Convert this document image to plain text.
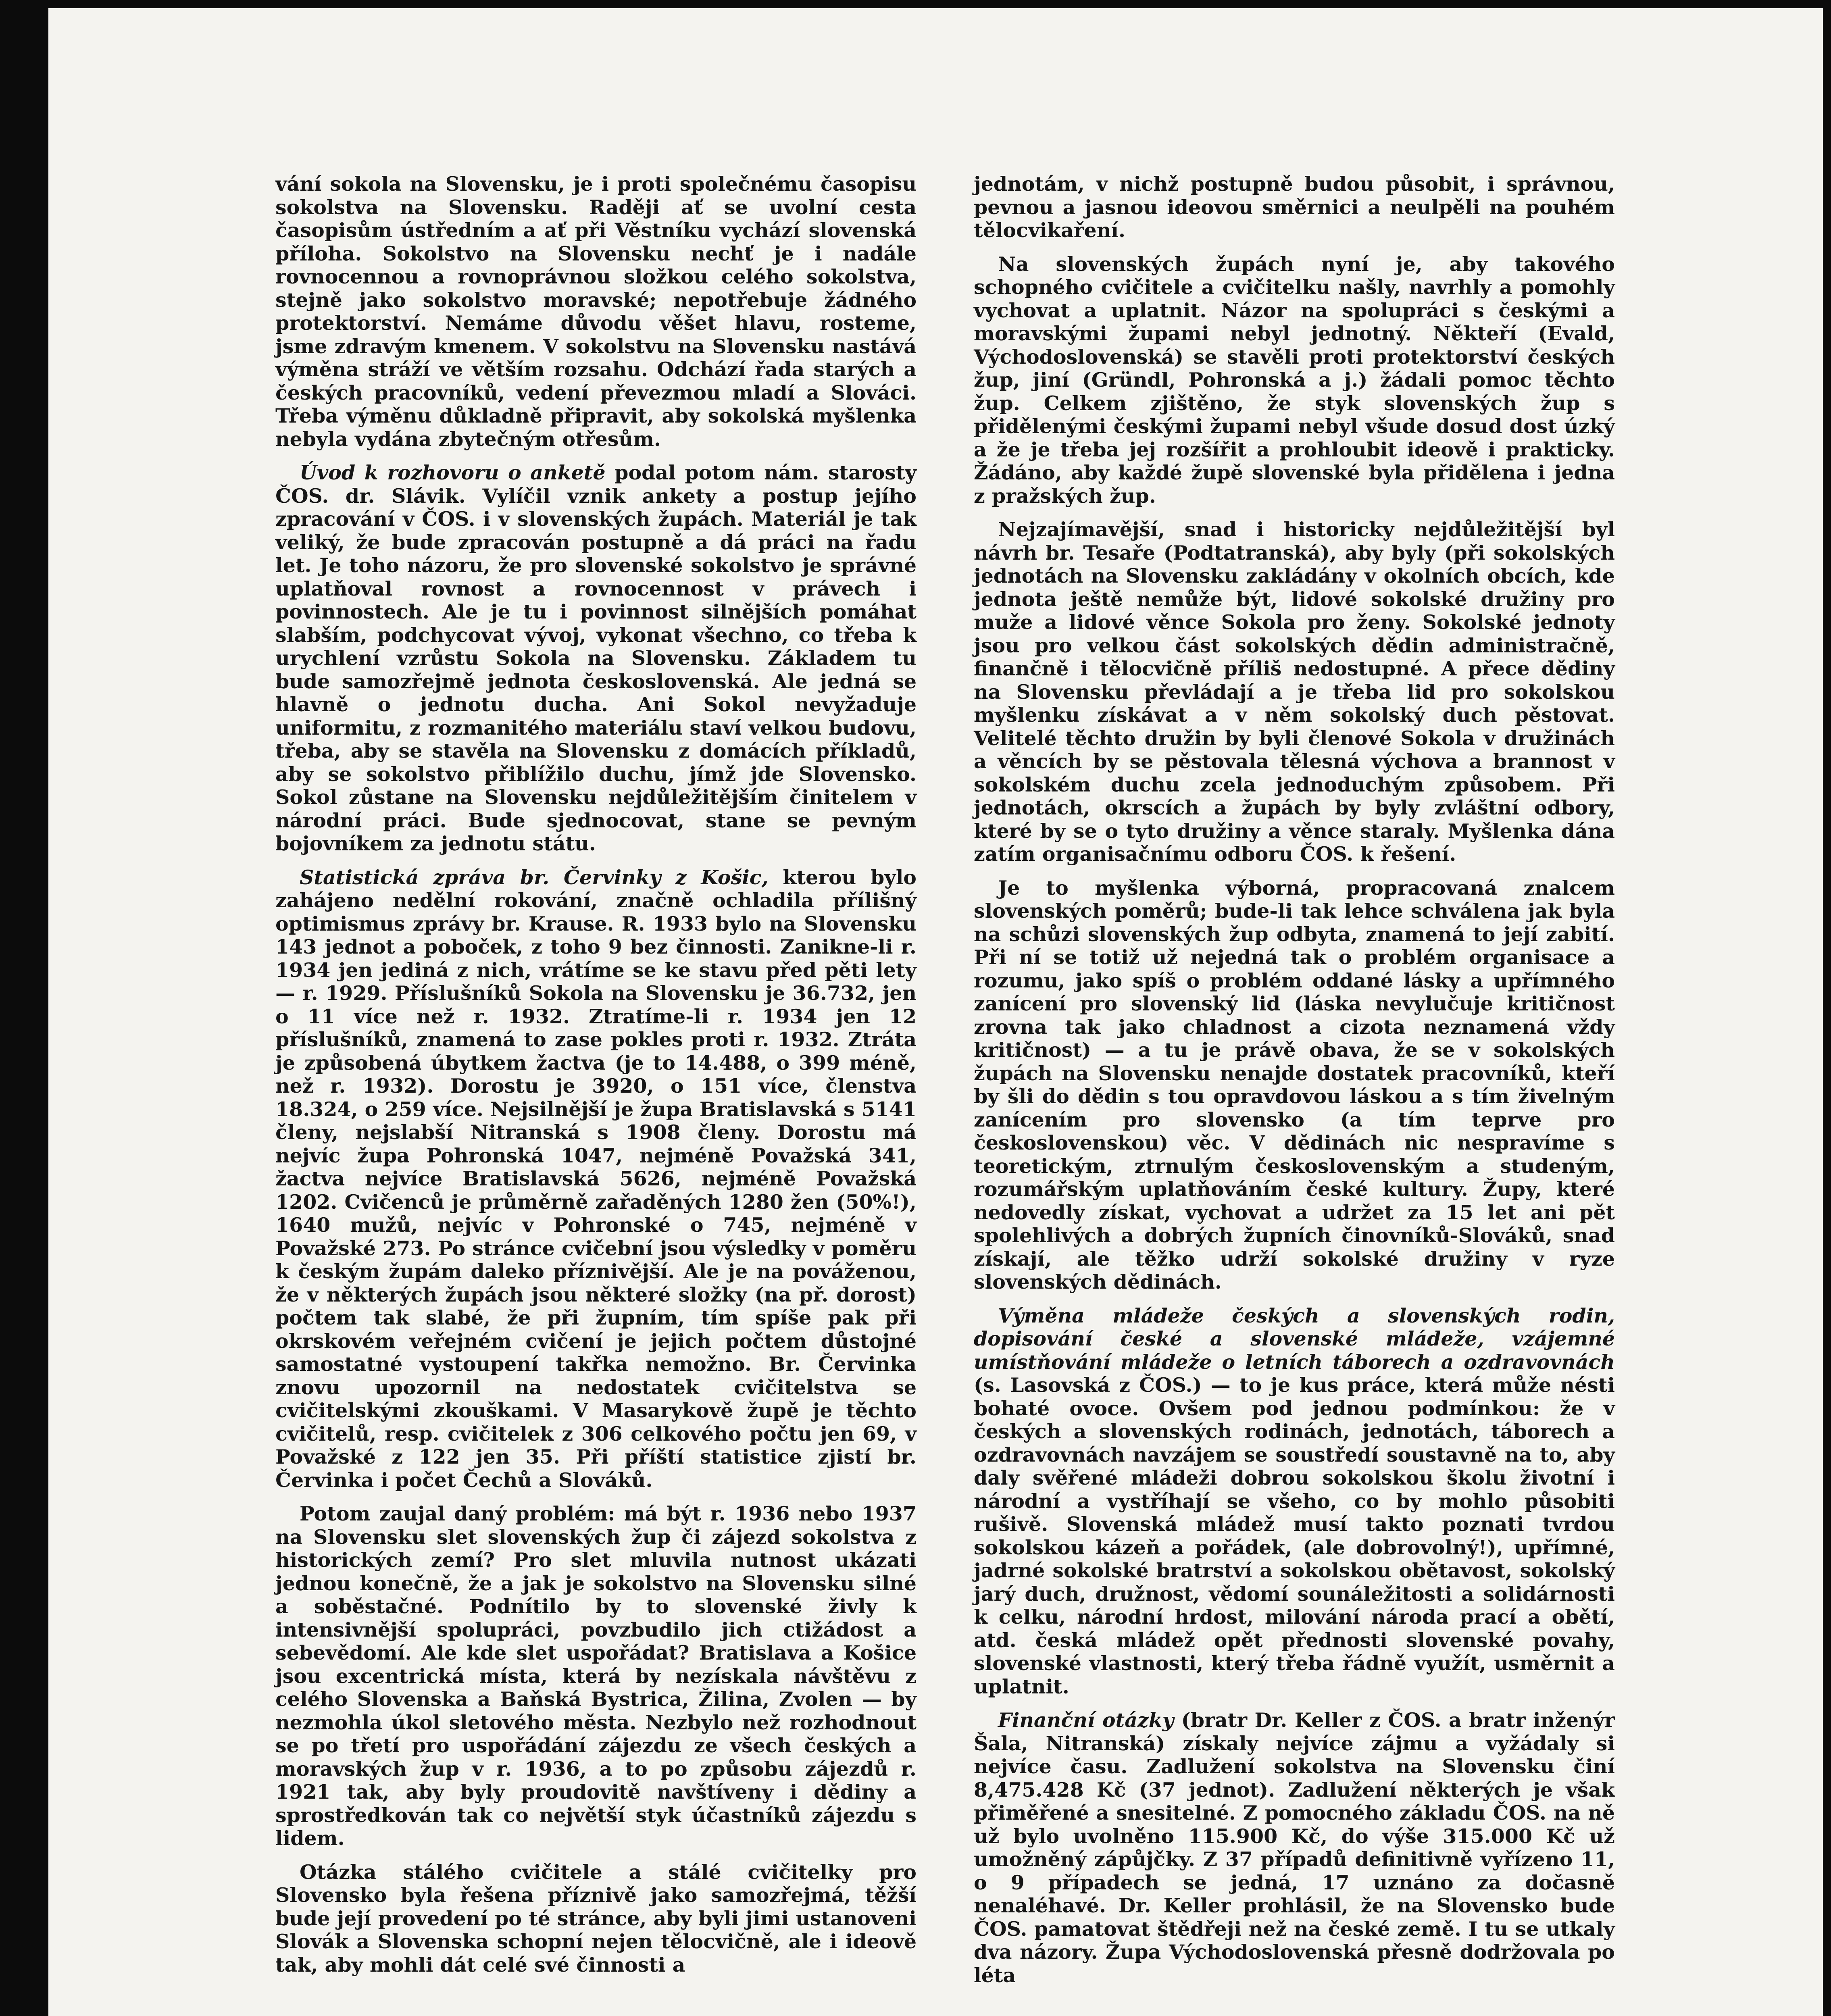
vání sokola na Slovensku, je i proti společnému časopisu sokolstva na Slovensku. Raději ať se uvolní cesta časopisům ústředním a ať při Věstníku vychází slovenská příloha. Sokolstvo na Slovensku nechť je i nadále rovnocennou a rovnoprávnou složkou celého sokolstva, stejně jako sokolstvo moravské; nepotřebuje žádného protektorství. Nemáme důvodu věšet hlavu, rosteme, jsme zdravým kmenem. V sokolstvu na Slovensku nastává výměna stráží ve větším rozsahu. Odchází řada starých a českých pracovníků, vedení převezmou mladí a Slováci. Třeba výměnu důkladně připravit, aby sokolská myšlenka nebyla vydána zbytečným otřesům.

Úvod k rozhovoru o anketě podal potom nám. starosty ČOS. dr. Slávik. Vylíčil vznik ankety a postup jejího zpracování v ČOS. i v slovenských župách. Materiál je tak veliký, že bude zpracován postupně a dá práci na řadu let. Je toho názoru, že pro slovenské sokolstvo je správné uplatňoval rovnost a rovnocennost v právech i povinnostech. Ale je tu i povinnost silnějších pomáhat slabším, podchycovat vývoj, vykonat všechno, co třeba k urychlení vzrůstu Sokola na Slovensku. Základem tu bude samozřejmě jednota československá. Ale jedná se hlavně o jednotu ducha. Ani Sokol nevyžaduje uniformitu, z rozmanitého materiálu staví velkou budovu, třeba, aby se stavěla na Slovensku z domácích příkladů, aby se sokolstvo přiblížilo duchu, jímž jde Slovensko. Sokol zůstane na Slovensku nejdůležitějším činitelem v národní práci. Bude sjednocovat, stane se pevným bojovníkem za jednotu státu.

Statistická zpráva br. Červinky z Košic, kterou bylo zahájeno nedělní rokování, značně ochladila přílišný optimismus zprávy br. Krause. R. 1933 bylo na Slovensku 143 jednot a poboček, z toho 9 bez činnosti. Zanikne-li r. 1934 jen jediná z nich, vrátíme se ke stavu před pěti lety — r. 1929. Příslušníků Sokola na Slovensku je 36.732, jen o 11 více než r. 1932. Ztratíme-li r. 1934 jen 12 příslušníků, znamená to zase pokles proti r. 1932. Ztráta je způsobená úbytkem žactva (je to 14.488, o 399 méně, než r. 1932). Dorostu je 3920, o 151 více, členstva 18.324, o 259 více. Nejsilnější je župa Bratislavská s 5141 členy, nejslabší Nitranská s 1908 členy. Dorostu má nejvíc župa Pohronská 1047, nejméně Považská 341, žactva nejvíce Bratislavská 5626, nejméně Považská 1202. Cvičenců je průměrně zařaděných 1280 žen (50%!), 1640 mužů, nejvíc v Pohronské o 745, nejméně v Považské 273. Po stránce cvičební jsou výsledky v poměru k českým župám daleko příznivější. Ale je na pováženou, že v některých župách jsou některé složky (na př. dorost) počtem tak slabé, že při župním, tím spíše pak při okrskovém veřejném cvičení je jejich počtem důstojné samostatné vystoupení takřka nemožno. Br. Červinka znovu upozornil na nedostatek cvičitelstva se cvičitelskými zkouškami. V Masarykově župě je těchto cvičitelů, resp. cvičitelek z 306 celkového počtu jen 69, v Považské z 122 jen 35. Při příští statistice zjistí br. Červinka i počet Čechů a Slováků.

Potom zaujal daný problém: má být r. 1936 nebo 1937 na Slovensku slet slovenských žup či zájezd sokolstva z historických zemí? Pro slet mluvila nutnost ukázati jednou konečně, že a jak je sokolstvo na Slovensku silné a soběstačné. Podnítilo by to slovenské živly k intensivnější spolupráci, povzbudilo jich ctižádost a sebevědomí. Ale kde slet uspořádat? Bratislava a Košice jsou excentrická místa, která by nezískala návštěvu z celého Slovenska a Baňská Bystrica, Žilina, Zvolen — by nezmohla úkol sletového města. Nezbylo než rozhodnout se po třetí pro uspořádání zájezdu ze všech českých a moravských žup v r. 1936, a to po způsobu zájezdů r. 1921 tak, aby byly proudovitě navštíveny i dědiny a sprostředkován tak co největší styk účastníků zájezdu s lidem.

Otázka stálého cvičitele a stálé cvičitelky pro Slovensko byla řešena příznivě jako samozřejmá, těžší bude její provedení po té stránce, aby byli jimi ustanoveni Slovák a Slovenska schopní nejen tělocvičně, ale i ideově tak, aby mohli dát celé své činnosti a

jednotám, v nichž postupně budou působit, i správnou, pevnou a jasnou ideovou směrnici a neulpěli na pouhém tělocvikaření.

Na slovenských župách nyní je, aby takového schopného cvičitele a cvičitelku našly, navrhly a pomohly vychovat a uplatnit. Názor na spolupráci s českými a moravskými župami nebyl jednotný. Někteří (Evald, Východoslovenská) se stavěli proti protektorství českých žup, jiní (Gründl, Pohronská a j.) žádali pomoc těchto žup. Celkem zjištěno, že styk slovenských žup s přidělenými českými župami nebyl všude dosud dost úzký a že je třeba jej rozšířit a prohloubit ideově i prakticky. Žádáno, aby každé župě slovenské byla přidělena i jedna z pražských žup.

Nejzajímavější, snad i historicky nejdůležitější byl návrh br. Tesaře (Podtatranská), aby byly (při sokolských jednotách na Slovensku zakládány v okolních obcích, kde jednota ještě nemůže být, lidové sokolské družiny pro muže a lidové věnce Sokola pro ženy. Sokolské jednoty jsou pro velkou část sokolských dědin administračně, finančně i tělocvičně příliš nedostupné. A přece dědiny na Slovensku převládají a je třeba lid pro sokolskou myšlenku získávat a v něm sokolský duch pěstovat. Velitelé těchto družin by byli členové Sokola v družinách a věncích by se pěstovala tělesná výchova a brannost v sokolském duchu zcela jednoduchým způsobem. Při jednotách, okrscích a župách by byly zvláštní odbory, které by se o tyto družiny a věnce staraly. Myšlenka dána zatím organisačnímu odboru ČOS. k řešení.

Je to myšlenka výborná, propracovaná znalcem slovenských poměrů; bude-li tak lehce schválena jak byla na schůzi slovenských žup odbyta, znamená to její zabití. Při ní se totiž už nejedná tak o problém organisace a rozumu, jako spíš o problém oddané lásky a upřímného zanícení pro slovenský lid (láska nevylučuje kritičnost zrovna tak jako chladnost a cizota neznamená vždy kritičnost) — a tu je právě obava, že se v sokolských župách na Slovensku nenajde dostatek pracovníků, kteří by šli do dědin s tou opravdovou láskou a s tím živelným zanícením pro slovensko (a tím teprve pro československou) věc. V dědinách nic nespravíme s teoretickým, ztrnulým československým a studeným, rozumářským uplatňováním české kultury. Župy, které nedovedly získat, vychovat a udržet za 15 let ani pět spolehlivých a dobrých župních činovníků-Slováků, snad získají, ale těžko udrží sokolské družiny v ryze slovenských dědinách.

Výměna mládeže českých a slovenských rodin, dopisování české a slovenské mládeže, vzájemné umístňování mládeže o letních táborech a ozdravovnách (s. Lasovská z ČOS.) — to je kus práce, která může nésti bohaté ovoce. Ovšem pod jednou podmínkou: že v českých a slovenských rodinách, jednotách, táborech a ozdravovnách navzájem se soustředí soustavně na to, aby daly svěřené mládeži dobrou sokolskou školu životní i národní a vystříhají se všeho, co by mohlo působiti rušivě. Slovenská mládež musí takto poznati tvrdou sokolskou kázeň a pořádek, (ale dobrovolný!), upřímné, jadrné sokolské bratrství a sokolskou obětavost, sokolský jarý duch, družnost, vědomí sounáležitosti a solidárnosti k celku, národní hrdost, milování národa prací a obětí, atd. česká mládež opět přednosti slovenské povahy, slovenské vlastnosti, který třeba řádně využít, usměrnit a uplatnit.

Finanční otázky (bratr Dr. Keller z ČOS. a bratr inženýr Šala, Nitranská) získaly nejvíce zájmu a vyžádaly si nejvíce času. Zadlužení sokolstva na Slovensku činí 8,475.428 Kč (37 jednot). Zadlužení některých je však přiměřené a snesitelné. Z pomocného základu ČOS. na ně už bylo uvolněno 115.900 Kč, do výše 315.000 Kč už umožněný zápůjčky. Z 37 případů definitivně vyřízeno 11, o 9 případech se jedná, 17 uznáno za dočasně nenaléhavé. Dr. Keller prohlásil, že na Slovensko bude ČOS. pamatovat štědřeji než na české země. I tu se utkaly dva názory. Župa Východoslovenská přesně dodržovala po léta
